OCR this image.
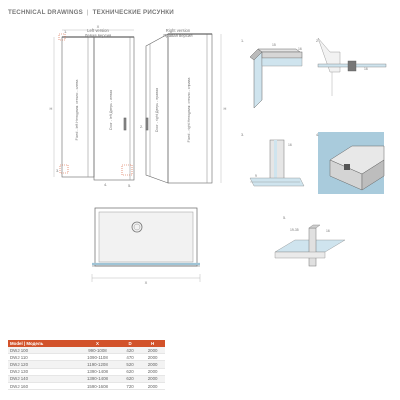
TECHNICAL DRAWINGS | ТЕХНИЧЕСКИЕ РИСУНКИ
Left version
Левая версия
Right version
Правая версия
Fixed - left Неподвиж. стекло - слева	Door - left Дверь - левая	Door - right Дверь - правая	Fixed - right Неподвиж. стекло - справа
X
H	H
1.
2.
3.
4.	5.
X
1.
15
16
2.
16
3.
9
16
4.
5.
19-35	16
Model | Модель	X	D	H
DWJ 100	990-1008	420	2000
DWJ 110	1090-1108	470	2000
DWJ 120	1190-1208	520	2000
DWJ 130	1390-1408	620	2000
DWJ 140	1390-1408	620	2000
DWJ 160	1590-1608	720	2000
